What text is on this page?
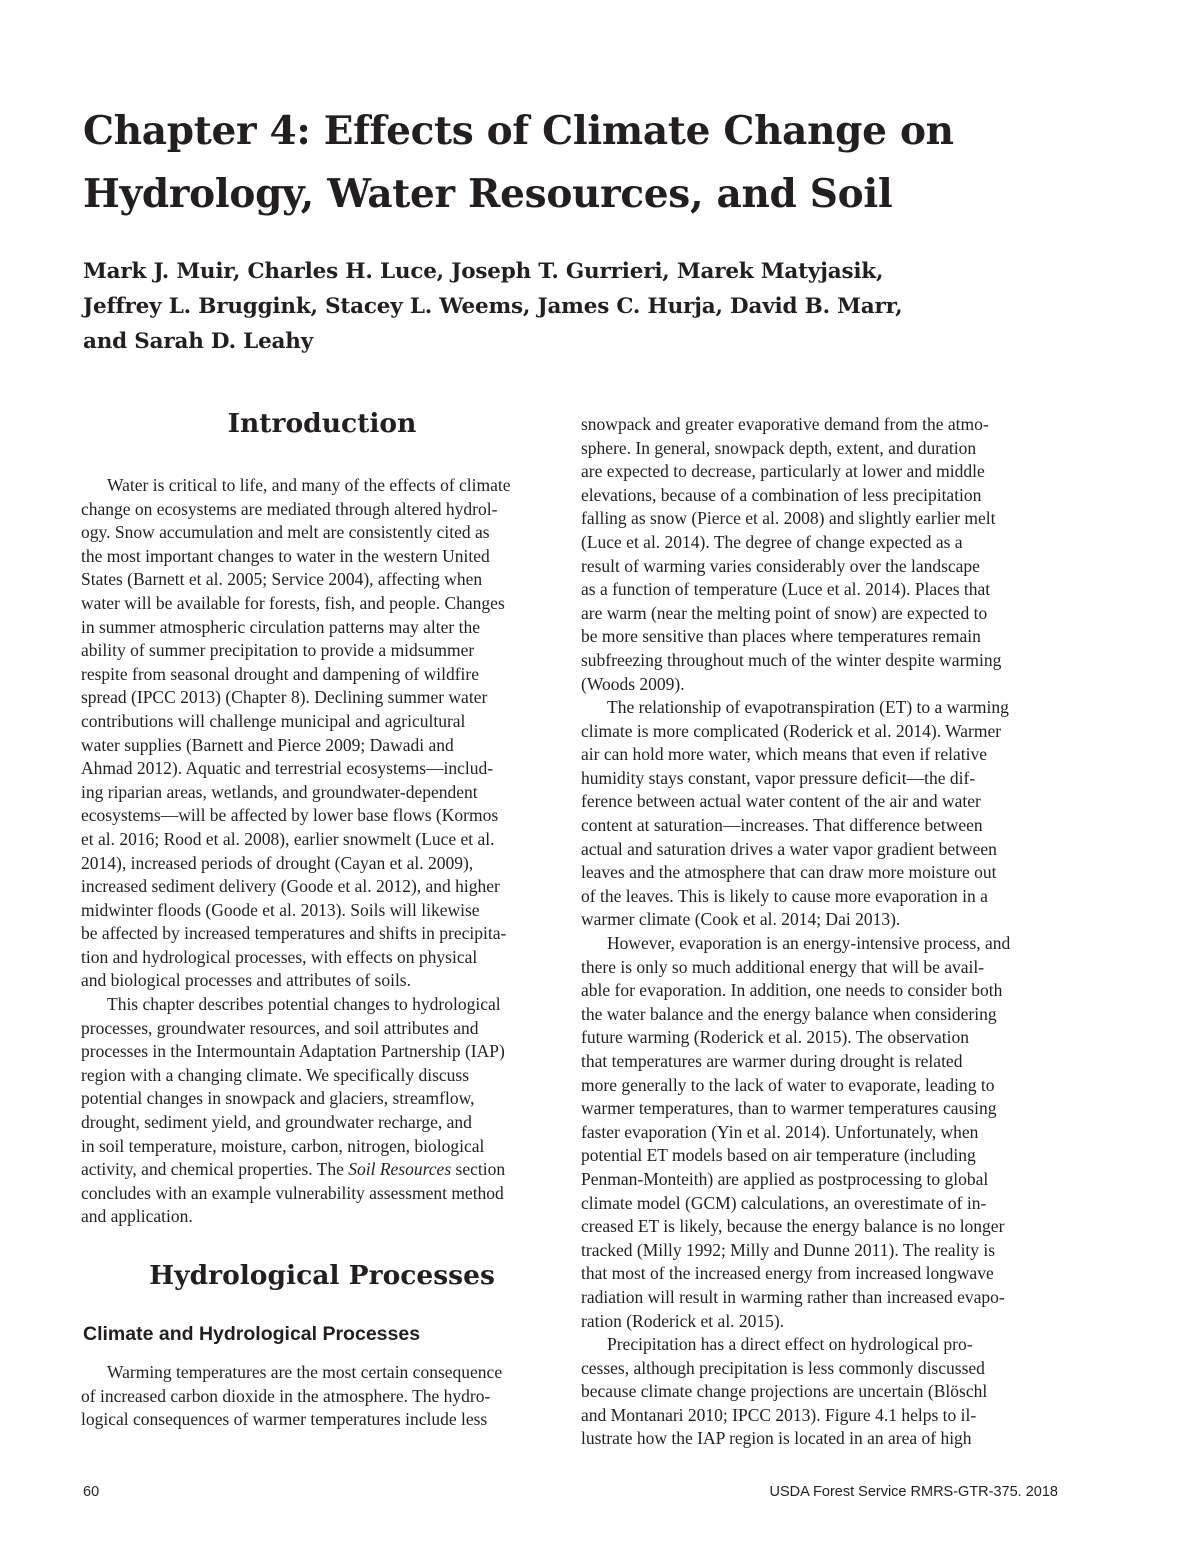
Chapter 4: Effects of Climate Change on
Hydrology, Water Resources, and Soil
Mark J. Muir, Charles H. Luce, Joseph T. Gurrieri, Marek Matyjasik,
Jeffrey L. Bruggink, Stacey L. Weems, James C. Hurja, David B. Marr,
and Sarah D. Leahy
Introduction

Water is critical to life, and many of the effects of climate
change on ecosystems are mediated through altered hydrol-
ogy. Snow accumulation and melt are consistently cited as
the most important changes to water in the western United
States (Barnett et al. 2005; Service 2004), affecting when
water will be available for forests, fish, and people. Changes
in summer atmospheric circulation patterns may alter the
ability of summer precipitation to provide a midsummer
respite from seasonal drought and dampening of wildfire
spread (IPCC 2013) (Chapter 8). Declining summer water
contributions will challenge municipal and agricultural
water supplies (Barnett and Pierce 2009; Dawadi and
Ahmad 2012). Aquatic and terrestrial ecosystems—includ-
ing riparian areas, wetlands, and groundwater-dependent
ecosystems—will be affected by lower base flows (Kormos
et al. 2016; Rood et al. 2008), earlier snowmelt (Luce et al.
2014), increased periods of drought (Cayan et al. 2009),
increased sediment delivery (Goode et al. 2012), and higher
midwinter floods (Goode et al. 2013). Soils will likewise
be affected by increased temperatures and shifts in precipita-
tion and hydrological processes, with effects on physical
and biological processes and attributes of soils.

This chapter describes potential changes to hydrological
processes, groundwater resources, and soil attributes and
processes in the Intermountain Adaptation Partnership (IAP)
region with a changing climate. We specifically discuss
potential changes in snowpack and glaciers, streamflow,
drought, sediment yield, and groundwater recharge, and
in soil temperature, moisture, carbon, nitrogen, biological
activity, and chemical properties. The Soil Resources section
concludes with an example vulnerability assessment method
and application.

Hydrological Processes
Climate and Hydrological Processes

Warming temperatures are the most certain consequence
of increased carbon dioxide in the atmosphere. The hydro-
logical consequences of warmer temperatures include less

snowpack and greater evaporative demand from the atmo-
sphere. In general, snowpack depth, extent, and duration
are expected to decrease, particularly at lower and middle
elevations, because of a combination of less precipitation
falling as snow (Pierce et al. 2008) and slightly earlier melt
(Luce et al. 2014). The degree of change expected as a
result of warming varies considerably over the landscape
as a function of temperature (Luce et al. 2014). Places that
are warm (near the melting point of snow) are expected to
be more sensitive than places where temperatures remain
subfreezing throughout much of the winter despite warming
(Woods 2009).

The relationship of evapotranspiration (ET) to a warming
climate is more complicated (Roderick et al. 2014). Warmer
air can hold more water, which means that even if relative
humidity stays constant, vapor pressure deficit—the dif-
ference between actual water content of the air and water
content at saturation—increases. That difference between
actual and saturation drives a water vapor gradient between
leaves and the atmosphere that can draw more moisture out
of the leaves. This is likely to cause more evaporation in a
warmer climate (Cook et al. 2014; Dai 2013).

However, evaporation is an energy-intensive process, and
there is only so much additional energy that will be avail-
able for evaporation. In addition, one needs to consider both
the water balance and the energy balance when considering
future warming (Roderick et al. 2015). The observation
that temperatures are warmer during drought is related
more generally to the lack of water to evaporate, leading to
warmer temperatures, than to warmer temperatures causing
faster evaporation (Yin et al. 2014). Unfortunately, when
potential ET models based on air temperature (including
Penman-Monteith) are applied as postprocessing to global
climate model (GCM) calculations, an overestimate of in-
creased ET is likely, because the energy balance is no longer
tracked (Milly 1992; Milly and Dunne 2011). The reality is
that most of the increased energy from increased longwave
radiation will result in warming rather than increased evapo-
ration (Roderick et al. 2015).

Precipitation has a direct effect on hydrological pro-
cesses, although precipitation is less commonly discussed
because climate change projections are uncertain (Blöschl
and Montanari 2010; IPCC 2013). Figure 4.1 helps to il-
lustrate how the IAP region is located in an area of high

60	USDA Forest Service RMRS-GTR-375. 2018
